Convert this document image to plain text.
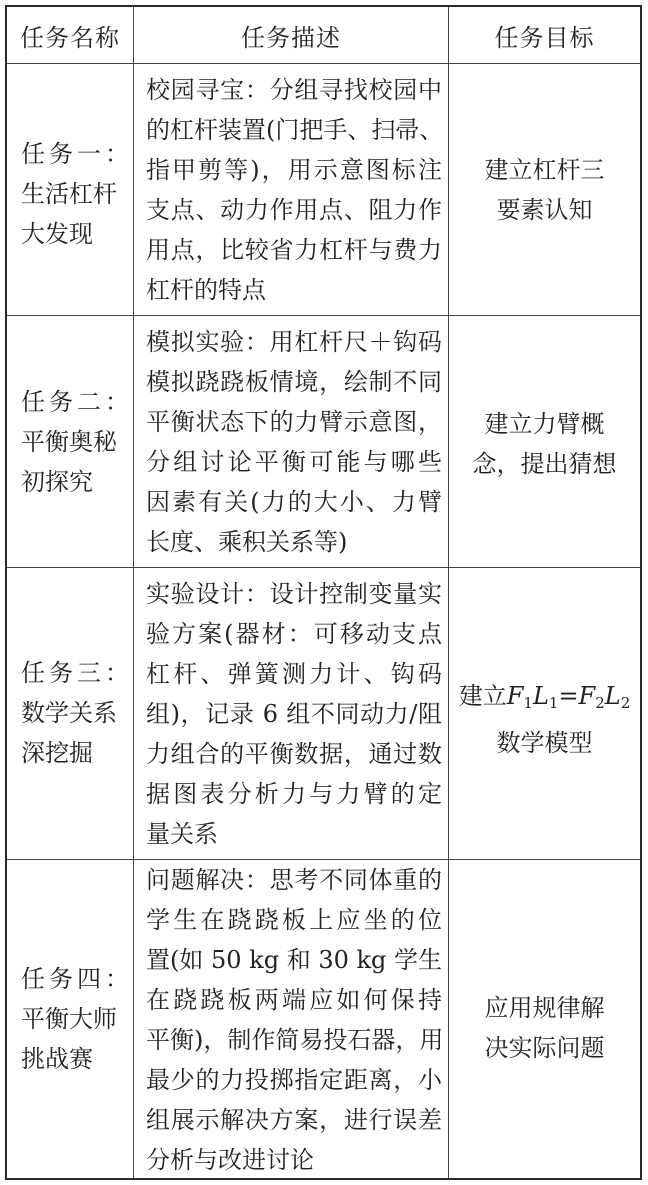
任务名称	任务描述	任务目标
任务一：
生活杠杆
大发现
校园寻宝：分组寻找校园中
的杠杆装置(门把手、扫帚、
指甲剪等)，用示意图标注
支点、动力作用点、阻力作
用点，比较省力杠杆与费力
杠杆的特点
建立杠杆三
要素认知
任务二：
平衡奥秘
初探究
模拟实验：用杠杆尺＋钩码
模拟跷跷板情境，绘制不同
平衡状态下的力臂示意图，
分组讨论平衡可能与哪些
因素有关(力的大小、力臂
长度、乘积关系等)
建立力臂概
念，提出猜想
任务三：
数学关系
深挖掘
实验设计：设计控制变量实
验方案(器材：可移动支点
杠杆、弹簧测力计、钩码
组)，记录 6 组不同动力/阻
力组合的平衡数据，通过数
据图表分析力与力臂的定
量关系
建立$F_1L_1=F_2L_2$
数学模型
任务四：
平衡大师
挑战赛
问题解决：思考不同体重的
学生在跷跷板上应坐的位
置(如 50 kg 和 30 kg 学生
在跷跷板两端应如何保持
平衡)，制作简易投石器，用
最少的力投掷指定距离，小
组展示解决方案，进行误差
分析与改进讨论
应用规律解
决实际问题
